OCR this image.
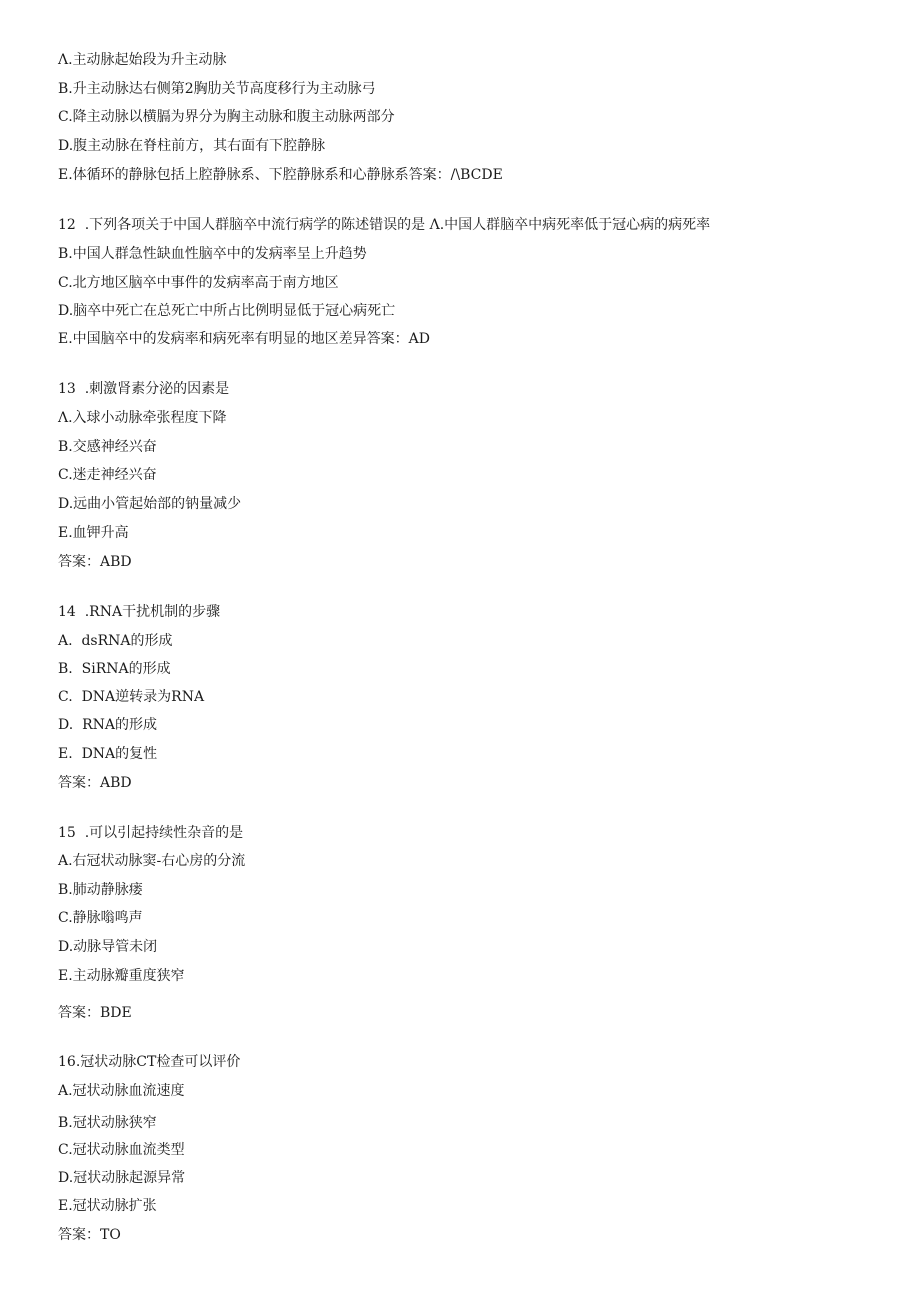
Λ.主动脉起始段为升主动脉
B.升主动脉达右侧第2胸肋关节高度移行为主动脉弓
C.降主动脉以横膈为界分为胸主动脉和腹主动脉两部分
D.腹主动脉在脊柱前方，其右面有下腔静脉
E.体循环的静脉包括上腔静脉系、下腔静脉系和心静脉系答案：/\BCDE
12  .下列各项关于中国人群脑卒中流行病学的陈述错误的是 Λ.中国人群脑卒中病死率低于冠心病的病死率
B.中国人群急性缺血性脑卒中的发病率呈上升趋势
C.北方地区脑卒中事件的发病率高于南方地区
D.脑卒中死亡在总死亡中所占比例明显低于冠心病死亡
E.中国脑卒中的发病率和病死率有明显的地区差异答案：AD
13  .刺激肾素分泌的因素是
Λ.入球小动脉牵张程度下降
B.交感神经兴奋
C.迷走神经兴奋
D.远曲小管起始部的钠量减少
E.血钾升高
答案：ABD
14  .RNA干扰机制的步骤
A.  dsRNA的形成
B.  SiRNA的形成
C.  DNA逆转录为RNA
D.  RNA的形成
E.  DNA的复性
答案：ABD
15  .可以引起持续性杂音的是
A.右冠状动脉窦-右心房的分流
B.肺动静脉瘘
C.静脉嗡鸣声
D.动脉导管未闭
E.主动脉瓣重度狭窄
答案：BDE
16.冠状动脉CT检查可以评价
A.冠状动脉血流速度
B.冠状动脉狭窄
C.冠状动脉血流类型
D.冠状动脉起源异常
E.冠状动脉扩张
答案：TO
